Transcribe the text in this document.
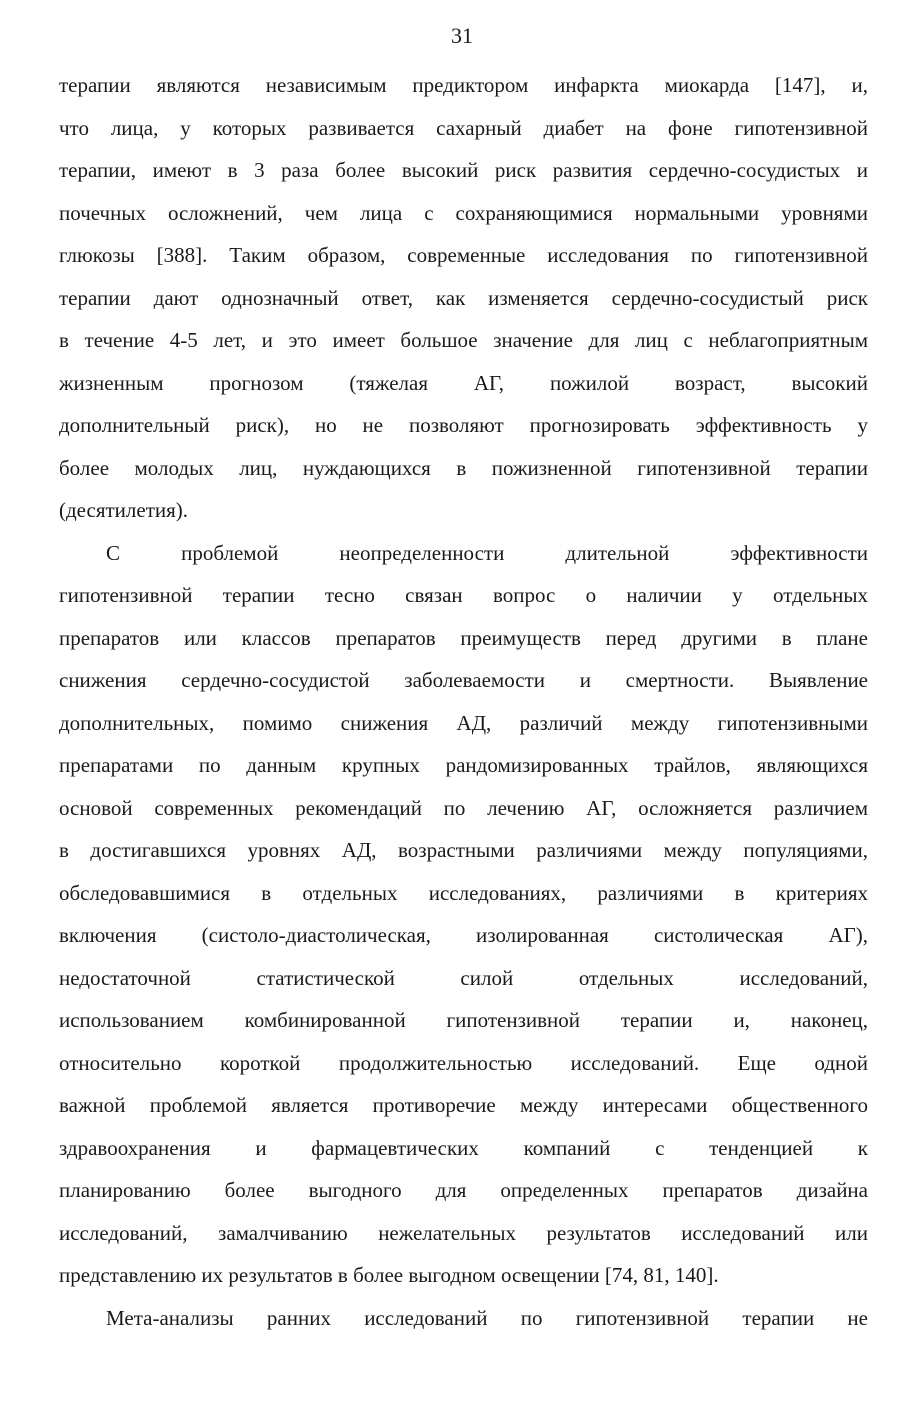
31
терапии являются независимым предиктором инфаркта миокарда [147], и,
что лица, у которых развивается сахарный диабет на фоне гипотензивной
терапии, имеют в 3 раза более высокий риск развития сердечно-сосудистых и
почечных осложнений, чем лица с сохраняющимися нормальными уровнями
глюкозы [388]. Таким образом, современные исследования по гипотензивной
терапии дают однозначный ответ, как изменяется сердечно-сосудистый риск
в течение 4-5 лет, и это имеет большое значение для лиц с неблагоприятным
жизненным прогнозом (тяжелая АГ, пожилой возраст, высокий
дополнительный риск), но не позволяют прогнозировать эффективность у
более молодых лиц, нуждающихся в пожизненной гипотензивной терапии
(десятилетия).
С проблемой неопределенности длительной эффективности
гипотензивной терапии тесно связан вопрос о наличии у отдельных
препаратов или классов препаратов преимуществ перед другими в плане
снижения сердечно-сосудистой заболеваемости и смертности. Выявление
дополнительных, помимо снижения АД, различий между гипотензивными
препаратами по данным крупных рандомизированных трайлов, являющихся
основой современных рекомендаций по лечению АГ, осложняется различием
в достигавшихся уровнях АД, возрастными различиями между популяциями,
обследовавшимися в отдельных исследованиях, различиями в критериях
включения (систоло-диастолическая, изолированная систолическая АГ),
недостаточной статистической силой отдельных исследований,
использованием комбинированной гипотензивной терапии и, наконец,
относительно короткой продолжительностью исследований. Еще одной
важной проблемой является противоречие между интересами общественного
здравоохранения и фармацевтических компаний с тенденцией к
планированию более выгодного для определенных препаратов дизайна
исследований, замалчиванию нежелательных результатов исследований или
представлению их результатов в более выгодном освещении [74, 81, 140].
Мета-анализы ранних исследований по гипотензивной терапии не
